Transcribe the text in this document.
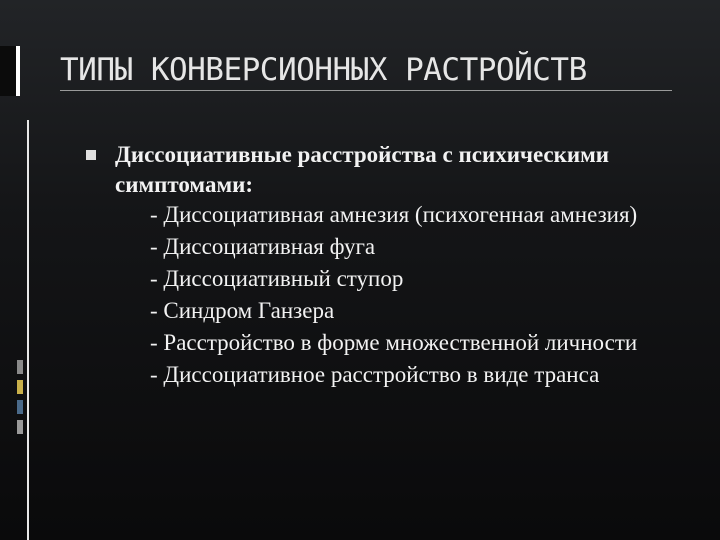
ТИПЫ КОНВЕРСИОННЫХ РАСТРОЙСТВ
Диссоциативные расстройства с психическими симптомами:
- Диссоциативная амнезия (психогенная амнезия)
- Диссоциативная фуга
- Диссоциативный ступор
- Синдром Ганзера
- Расстройство в форме множественной личности
- Диссоциативное расстройство в виде транса
